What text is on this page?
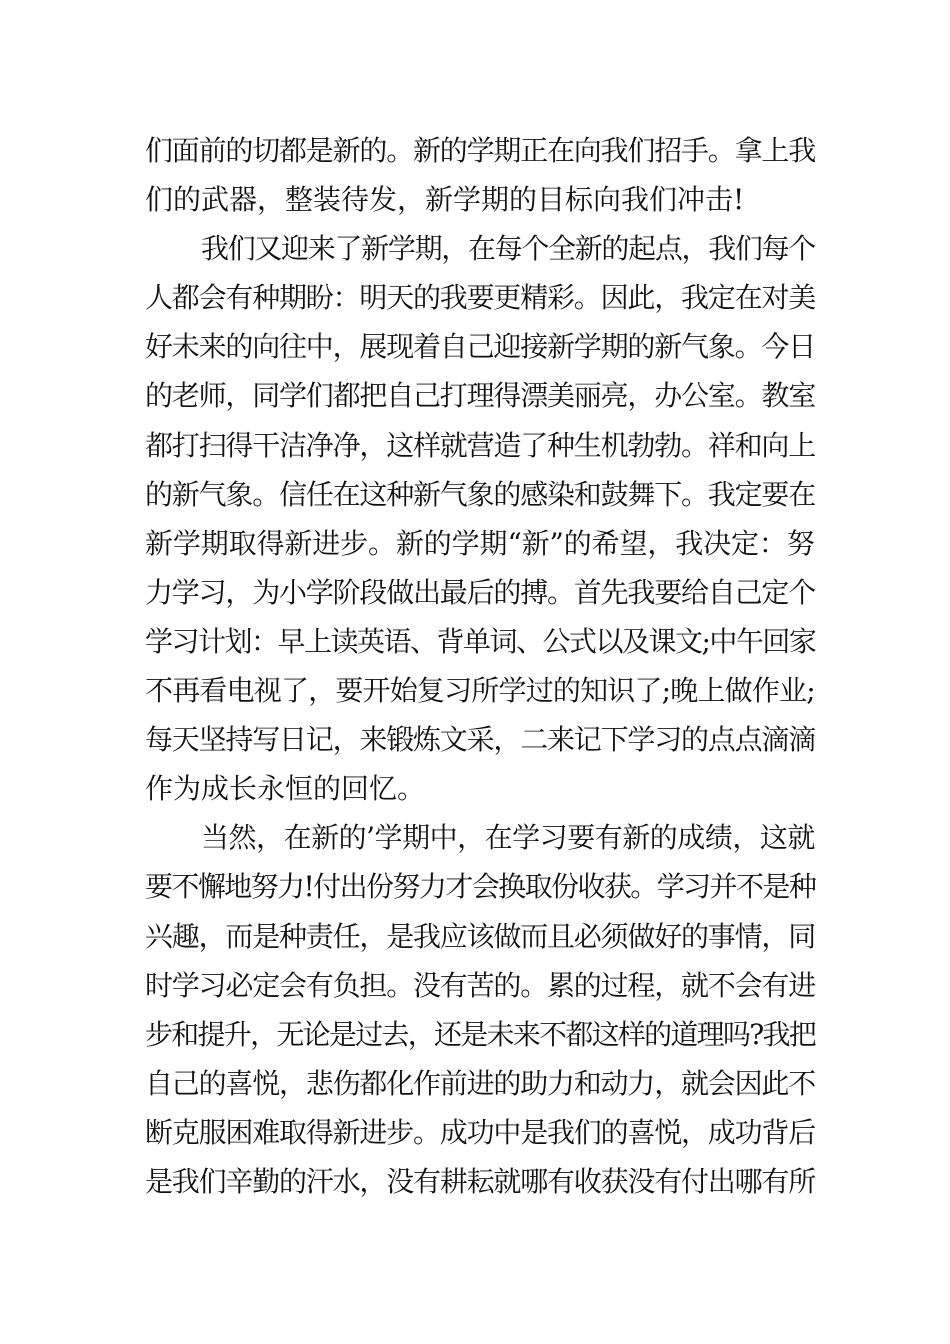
们面前的切都是新的。新的学期正在向我们招手。拿上我
们的武器，整装待发，新学期的目标向我们冲击!
我们又迎来了新学期，在每个全新的起点，我们每个
人都会有种期盼：明天的我要更精彩。因此，我定在对美
好未来的向往中，展现着自己迎接新学期的新气象。今日
的老师，同学们都把自己打理得漂美丽亮，办公室。教室
都打扫得干洁净净，这样就营造了种生机勃勃。祥和向上
的新气象。信任在这种新气象的感染和鼓舞下。我定要在
新学期取得新进步。新的学期“新”的希望，我决定：努
力学习，为小学阶段做出最后的搏。首先我要给自己定个
学习计划：早上读英语、背单词、公式以及课文;中午回家
不再看电视了，要开始复习所学过的知识了;晚上做作业;
每天坚持写日记，来锻炼文采，二来记下学习的点点滴滴
作为成长永恒的回忆。
当然，在新的’学期中，在学习要有新的成绩，这就
要不懈地努力!付出份努力才会换取份收获。学习并不是种
兴趣，而是种责任，是我应该做而且必须做好的事情，同
时学习必定会有负担。没有苦的。累的过程，就不会有进
步和提升，无论是过去，还是未来不都这样的道理吗?我把
自己的喜悦，悲伤都化作前进的助力和动力，就会因此不
断克服困难取得新进步。成功中是我们的喜悦，成功背后
是我们辛勤的汗水，没有耕耘就哪有收获没有付出哪有所
